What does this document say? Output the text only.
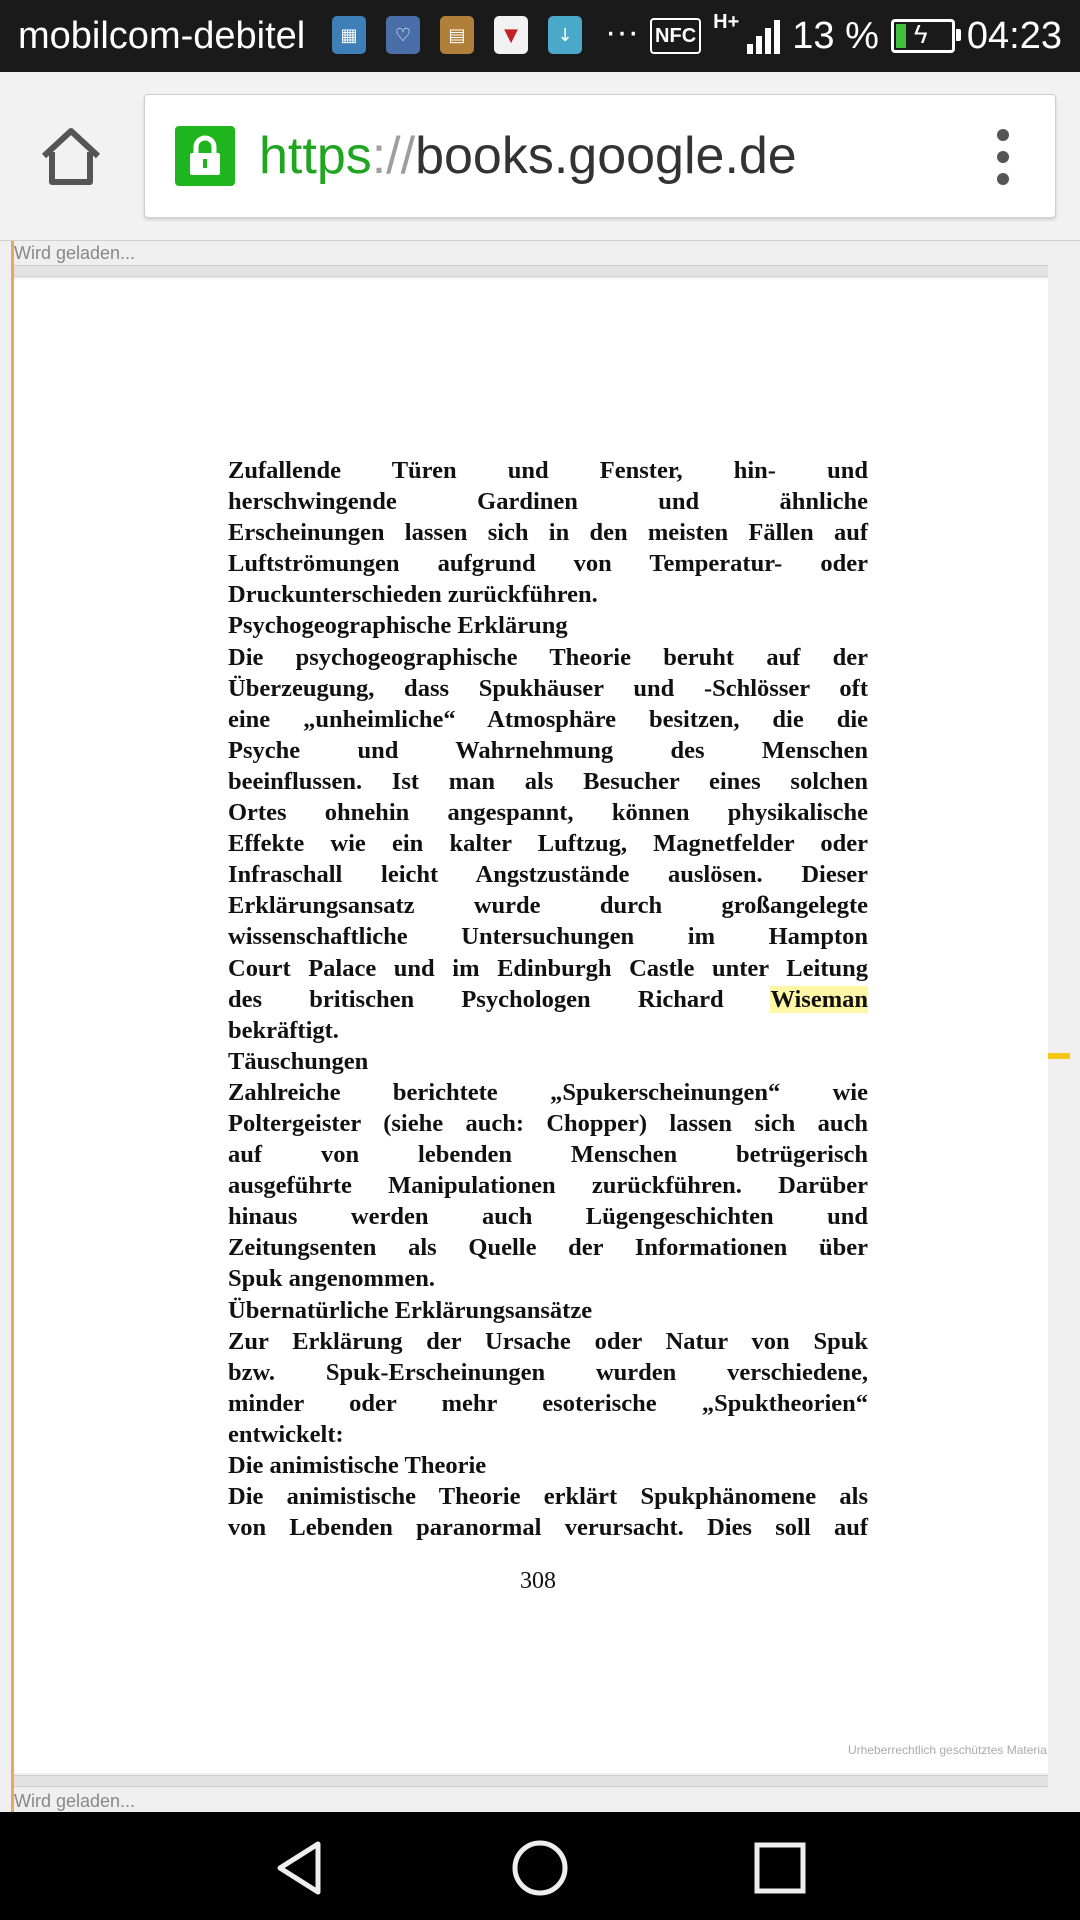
mobilcom-debitel	▦	♡	▤	▼	↓ ··· NFC
H+ 13 % ϟ 04:23
https://books.google.de
Wird geladen...
Zufallende Türen und Fenster, hin- und
herschwingende Gardinen und ähnliche
Erscheinungen lassen sich in den meisten Fällen auf
Luftströmungen aufgrund von Temperatur- oder
Druckunterschieden zurückführen.
Psychogeographische Erklärung
Die psychogeographische Theorie beruht auf der
Überzeugung, dass Spukhäuser und -Schlösser oft
eine „unheimliche“ Atmosphäre besitzen, die die
Psyche und Wahrnehmung des Menschen
beeinflussen. Ist man als Besucher eines solchen
Ortes ohnehin angespannt, können physikalische
Effekte wie ein kalter Luftzug, Magnetfelder oder
Infraschall leicht Angstzustände auslösen. Dieser
Erklärungsansatz wurde durch großangelegte
wissenschaftliche Untersuchungen im Hampton
Court Palace und im Edinburgh Castle unter Leitung
des britischen Psychologen Richard Wiseman
bekräftigt.
Täuschungen
Zahlreiche berichtete „Spukerscheinungen“ wie
Poltergeister (siehe auch: Chopper) lassen sich auch
auf von lebenden Menschen betrügerisch
ausgeführte Manipulationen zurückführen. Darüber
hinaus werden auch Lügengeschichten und
Zeitungsenten als Quelle der Informationen über
Spuk angenommen.
Übernatürliche Erklärungsansätze
Zur Erklärung der Ursache oder Natur von Spuk
bzw. Spuk-Erscheinungen wurden verschiedene,
minder oder mehr esoterische „Spuktheorien“
entwickelt:
Die animistische Theorie
Die animistische Theorie erklärt Spukphänomene als
von Lebenden paranormal verursacht. Dies soll auf
308
Urheberrechtlich geschütztes Materia
Wird geladen...
